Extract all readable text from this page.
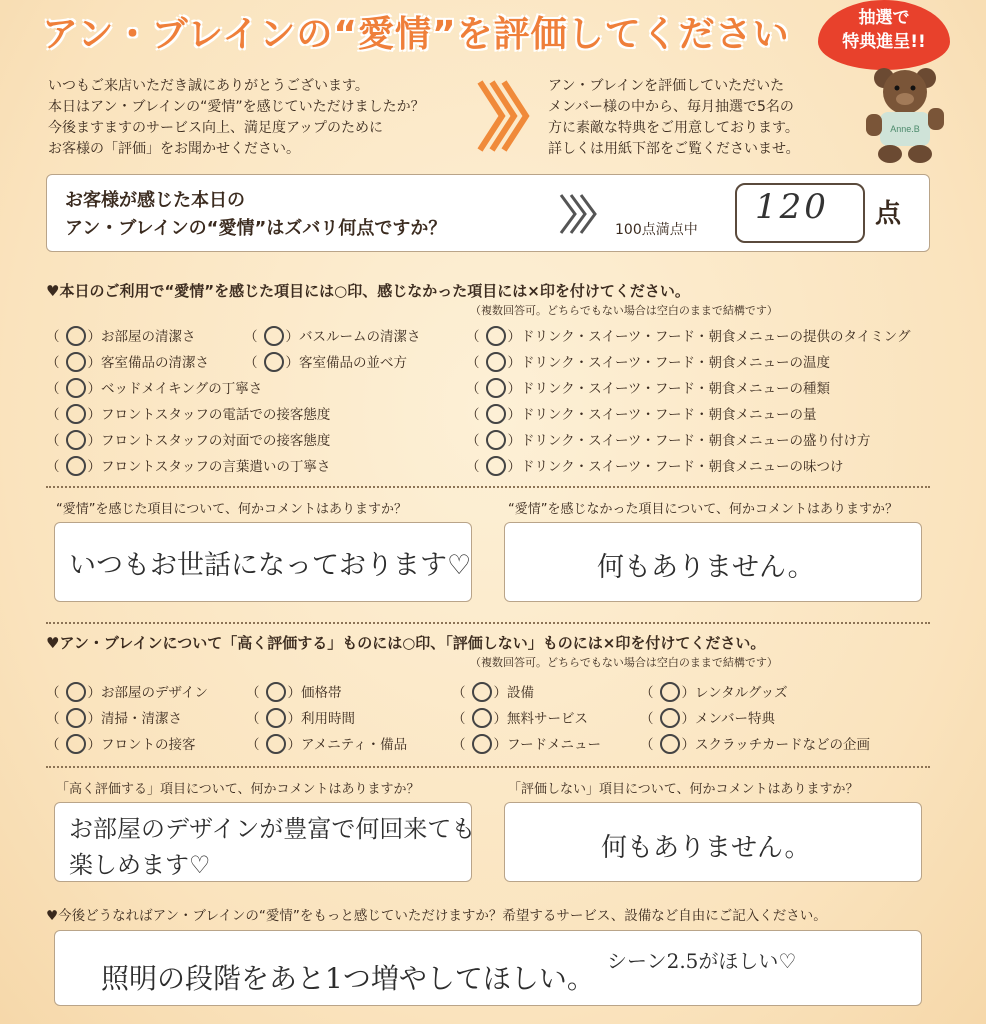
アン・ブレインの“愛情”を評価してください	抽選で
特典進呈!!
いつもご来店いただき誠にありがとうございます。
本日はアン・ブレインの“愛情”を感じていただけましたか？
今後ますますのサービス向上、満足度アップのために
お客様の「評価」をお聞かせください。
アン・ブレインを評価していただいた
メンバー様の中から、毎月抽選で5名の
方に素敵な特典をご用意しております。
詳しくは用紙下部をご覧くださいませ。
Anne.B
お客様が感じた本日の
アン・ブレインの“愛情”はズバリ何点ですか？	100点満点中
120 点
♥本日のご利用で“愛情”を感じた項目には○印、感じなかった項目には×印を付けてください。
（複数回答可。どちらでもない場合は空白のままで結構です）
（ ○ ）お部屋の清潔さ
（ ○ ）客室備品の清潔さ
（ ○ ）ベッドメイキングの丁寧さ
（ ○ ）フロントスタッフの電話での接客態度
（ ○ ）フロントスタッフの対面での接客態度
（ ○ ）フロントスタッフの言葉遣いの丁寧さ
（ ○ ）バスルームの清潔さ
（ ○ ）客室備品の並べ方
（ ○ ）ドリンク・スイーツ・フード・朝食メニューの提供のタイミング
（ ○ ）ドリンク・スイーツ・フード・朝食メニューの温度
（ ○ ）ドリンク・スイーツ・フード・朝食メニューの種類
（ ○ ）ドリンク・スイーツ・フード・朝食メニューの量
（ ○ ）ドリンク・スイーツ・フード・朝食メニューの盛り付け方
（ ○ ）ドリンク・スイーツ・フード・朝食メニューの味つけ
“愛情”を感じた項目について、何かコメントはありますか？
いつもお世話になっております♡
“愛情”を感じなかった項目について、何かコメントはありますか？
何もありません。
♥アン・ブレインについて「高く評価する」ものには○印、「評価しない」ものには×印を付けてください。
（複数回答可。どちらでもない場合は空白のままで結構です）
（ ○ ）お部屋のデザイン
（ ○ ）清掃・清潔さ
（ ○ ）フロントの接客
（ ○ ）価格帯
（ ○ ）利用時間
（ ○ ）アメニティ・備品
（ ○ ）設備
（ ○ ）無料サービス
（ ○ ）フードメニュー
（ ○ ）レンタルグッズ
（ ○ ）メンバー特典
（ ○ ）スクラッチカードなどの企画
「高く評価する」項目について、何かコメントはありますか？
お部屋のデザインが豊富で何回来ても
楽しめます♡
「評価しない」項目について、何かコメントはありますか？
何もありません。
♥今後どうなればアン・ブレインの“愛情”をもっと感じていただけますか？希望するサービス、設備など自由にご記入ください。
照明の段階をあと1つ増やしてほしい。
シーン2.5がほしい♡
